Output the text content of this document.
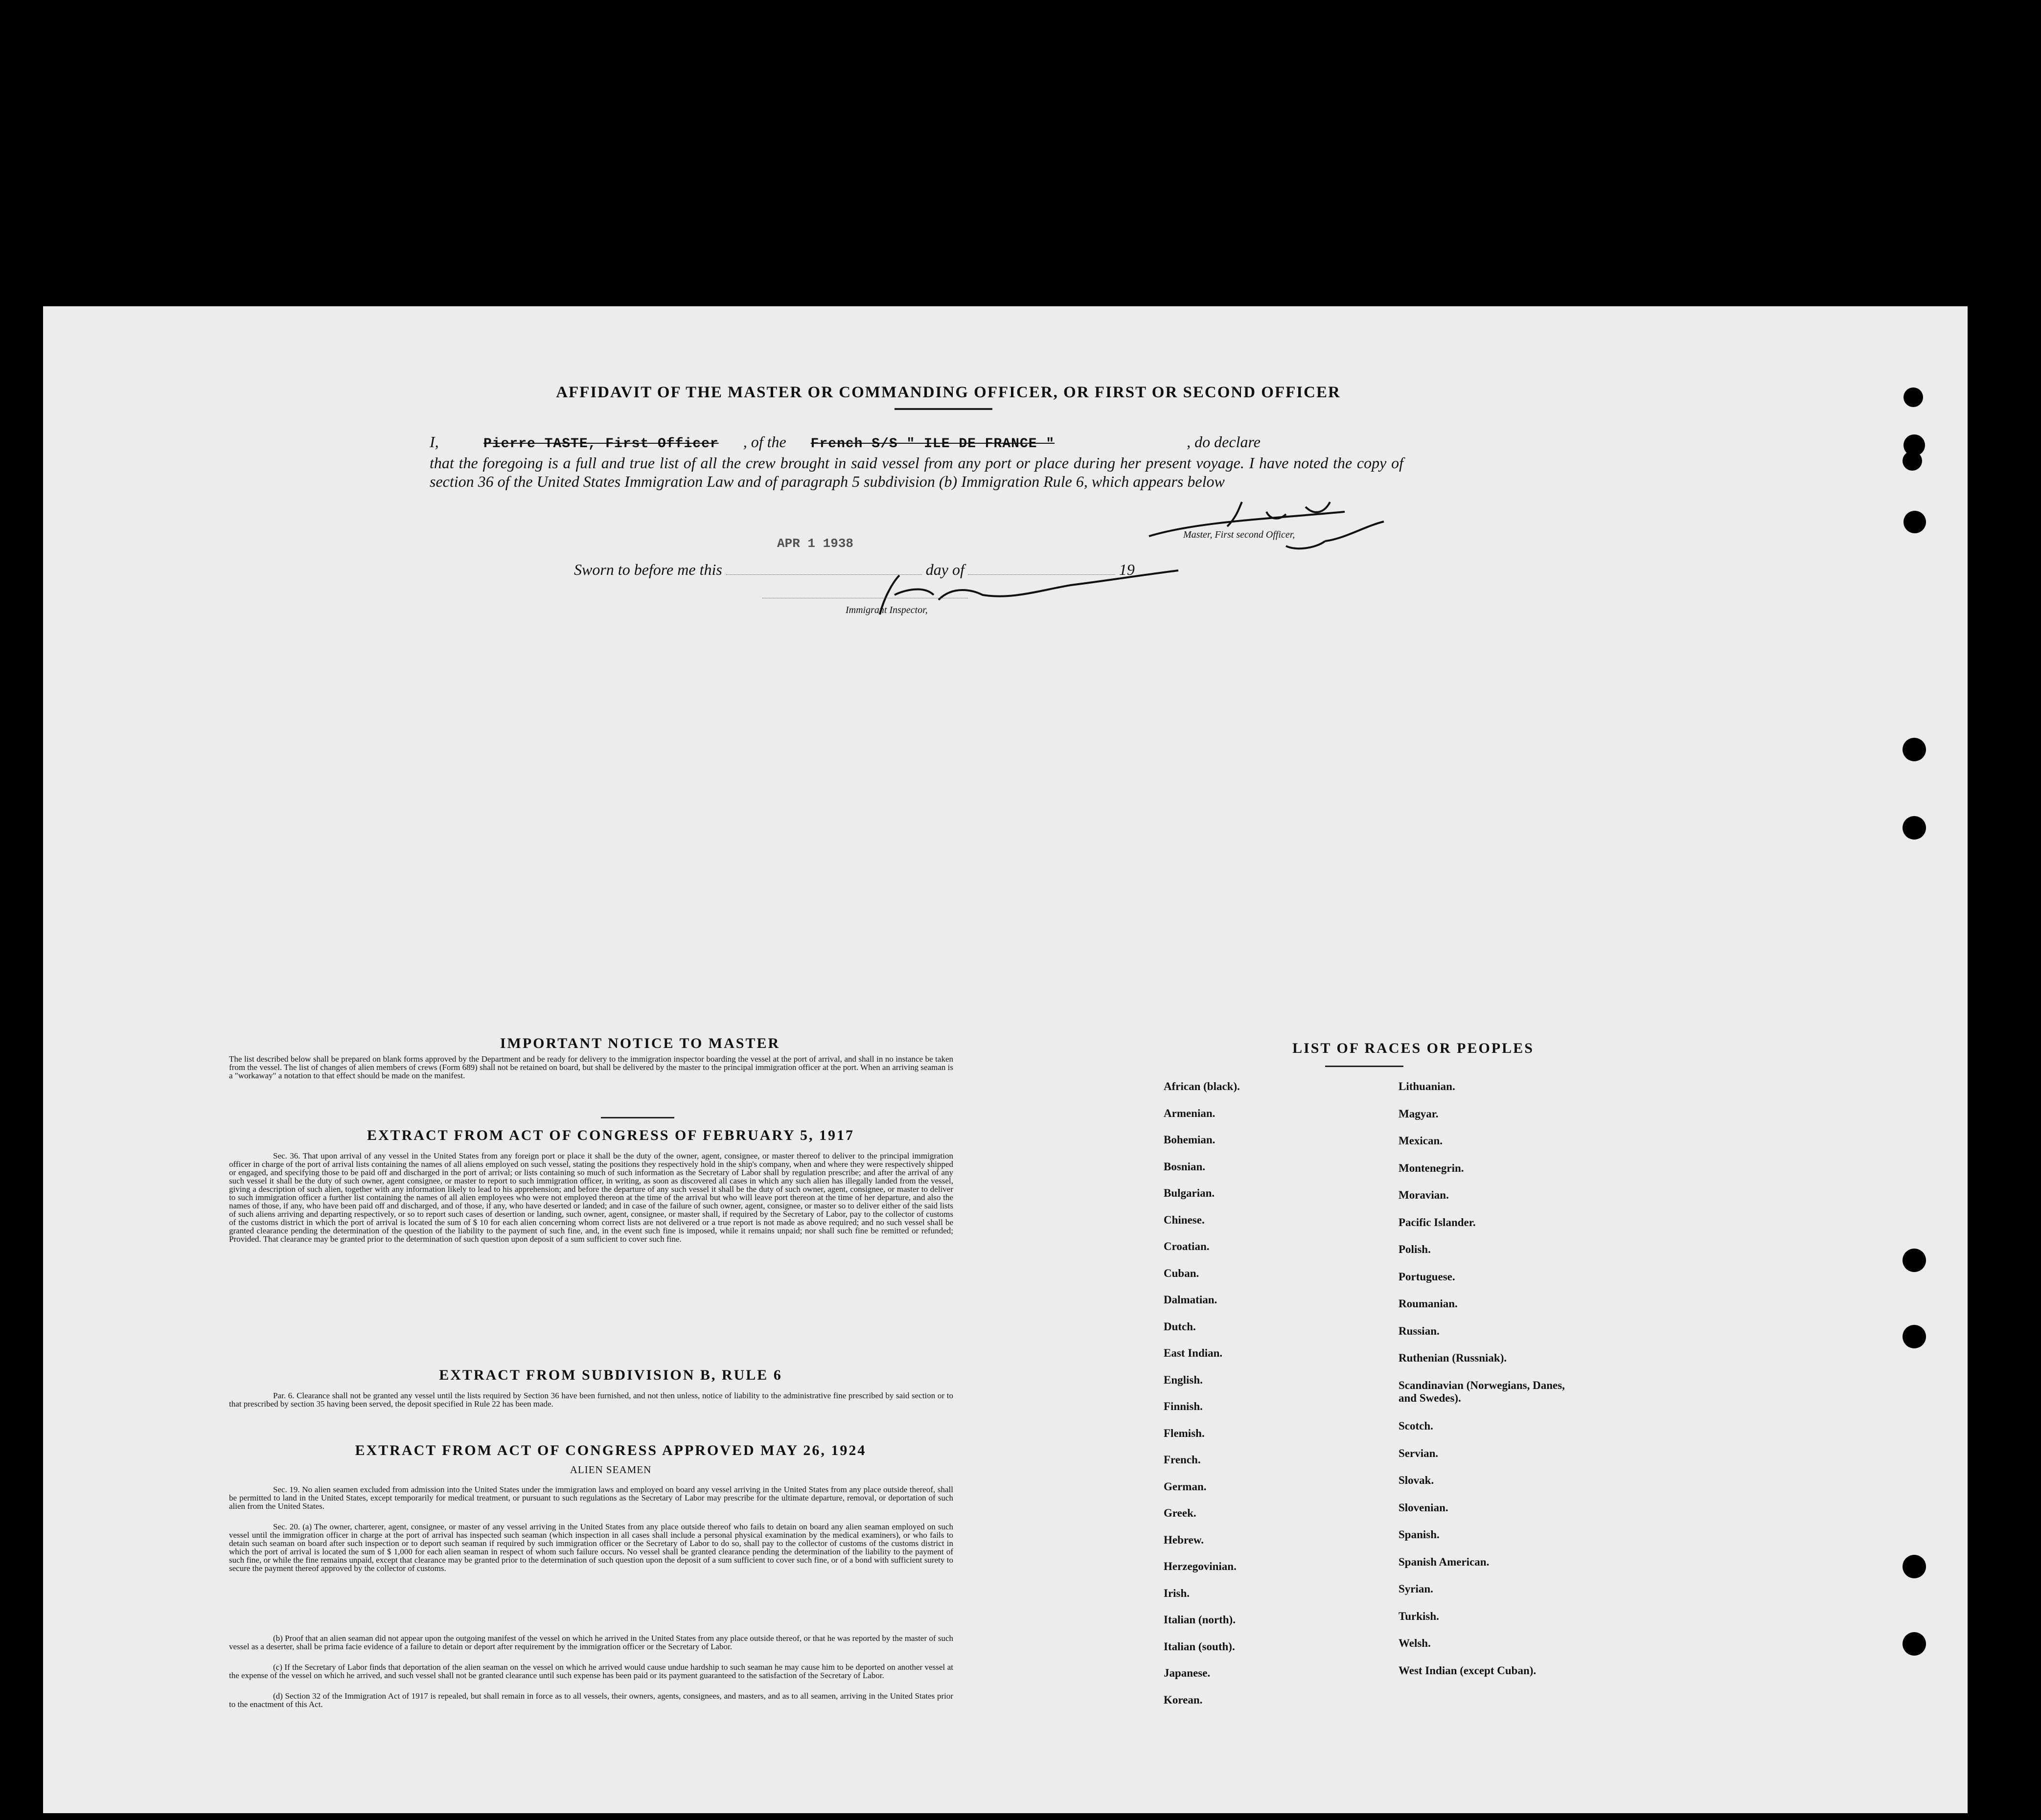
AFFIDAVIT OF THE MASTER OR COMMANDING OFFICER, OR FIRST OR SECOND OFFICER
I,	Pierre TASTE, First Officer , of the French S/S " ILE DE FRANCE "	, do declare
that the foregoing is a full and true list of all the crew brought in said vessel from any port or place during her present voyage. I have noted the copy of section 36 of the United States Immigration Law and of paragraph 5 subdivision (b) Immigration Rule 6, which appears below
Master, First second Officer,
APR 1 1938
Sworn to before me this	day of	19
Immigrant Inspector,
IMPORTANT NOTICE TO MASTER
The list described below shall be prepared on blank forms approved by the Department and be ready for delivery to the immigration inspector boarding the vessel at the port of arrival, and shall in no instance be taken from the vessel. The list of changes of alien members of crews (Form 689) shall not be retained on board, but shall be delivered by the master to the principal immigration officer at the port. When an arriving seaman is a "workaway" a notation to that effect should be made on the manifest.
EXTRACT FROM ACT OF CONGRESS OF FEBRUARY 5, 1917
Sec. 36. That upon arrival of any vessel in the United States from any foreign port or place it shall be the duty of the owner, agent, consignee, or master thereof to deliver to the principal immigration officer in charge of the port of arrival lists containing the names of all aliens employed on such vessel, stating the positions they respectively hold in the ship's company, when and where they were respectively shipped or engaged, and specifying those to be paid off and discharged in the port of arrival; or lists containing so much of such information as the Secretary of Labor shall by regulation prescribe; and after the arrival of any such vessel it shall be the duty of such owner, agent consignee, or master to report to such immigration officer, in writing, as soon as discovered all cases in which any such alien has illegally landed from the vessel, giving a description of such alien, together with any information likely to lead to his apprehension; and before the departure of any such vessel it shall be the duty of such owner, agent, consignee, or master to deliver to such immigration officer a further list containing the names of all alien employees who were not employed thereon at the time of the arrival but who will leave port thereon at the time of her departure, and also the names of those, if any, who have been paid off and discharged, and of those, if any, who have deserted or landed; and in case of the failure of such owner, agent, consignee, or master so to deliver either of the said lists of such aliens arriving and departing respectively, or so to report such cases of desertion or landing, such owner, agent, consignee, or master shall, if required by the Secretary of Labor, pay to the collector of customs of the customs district in which the port of arrival is located the sum of $ 10 for each alien concerning whom correct lists are not delivered or a true report is not made as above required; and no such vessel shall be granted clearance pending the determination of the question of the liability to the payment of such fine, and, in the event such fine is imposed, while it remains unpaid; nor shall such fine be remitted or refunded; Provided. That clearance may be granted prior to the determination of such question upon deposit of a sum sufficient to cover such fine.
EXTRACT FROM SUBDIVISION B, RULE 6
Par. 6. Clearance shall not be granted any vessel until the lists required by Section 36 have been furnished, and not then unless, notice of liability to the administrative fine prescribed by said section or to that prescribed by section 35 having been served, the deposit specified in Rule 22 has been made.
EXTRACT FROM ACT OF CONGRESS APPROVED MAY 26, 1924
ALIEN SEAMEN
Sec. 19. No alien seamen excluded from admission into the United States under the immigration laws and employed on board any vessel arriving in the United States from any place outside thereof, shall be permitted to land in the United States, except temporarily for medical treatment, or pursuant to such regulations as the Secretary of Labor may prescribe for the ultimate departure, removal, or deportation of such alien from the United States.
Sec. 20. (a) The owner, charterer, agent, consignee, or master of any vessel arriving in the United States from any place outside thereof who fails to detain on board any alien seaman employed on such vessel until the immigration officer in charge at the port of arrival has inspected such seaman (which inspection in all cases shall include a personal physical examination by the medical examiners), or who fails to detain such seaman on board after such inspection or to deport such seaman if required by such immigration officer or the Secretary of Labor to do so, shall pay to the collector of customs of the customs district in which the port of arrival is located the sum of $ 1,000 for each alien seaman in respect of whom such failure occurs. No vessel shall be granted clearance pending the determination of the liability to the payment of such fine, or while the fine remains unpaid, except that clearance may be granted prior to the determination of such question upon the deposit of a sum sufficient to cover such fine, or of a bond with sufficient surety to secure the payment thereof approved by the collector of customs.
(b) Proof that an alien seaman did not appear upon the outgoing manifest of the vessel on which he arrived in the United States from any place outside thereof, or that he was reported by the master of such vessel as a deserter, shall be prima facie evidence of a failure to detain or deport after requirement by the immigration officer or the Secretary of Labor.
(c) If the Secretary of Labor finds that deportation of the alien seaman on the vessel on which he arrived would cause undue hardship to such seaman he may cause him to be deported on another vessel at the expense of the vessel on which he arrived, and such vessel shall not be granted clearance until such expense has been paid or its payment guaranteed to the satisfaction of the Secretary of Labor.
(d) Section 32 of the Immigration Act of 1917 is repealed, but shall remain in force as to all vessels, their owners, agents, consignees, and masters, and as to all seamen, arriving in the United States prior to the enactment of this Act.
LIST OF RACES OR PEOPLES
African (black).
Armenian.
Bohemian.
Bosnian.
Bulgarian.
Chinese.
Croatian.
Cuban.
Dalmatian.
Dutch.
East Indian.
English.
Finnish.
Flemish.
French.
German.
Greek.
Hebrew.
Herzegovinian.
Irish.
Italian (north).
Italian (south).
Japanese.
Korean.
Lithuanian.
Magyar.
Mexican.
Montenegrin.
Moravian.
Pacific Islander.
Polish.
Portuguese.
Roumanian.
Russian.
Ruthenian (Russniak).
Scandinavian (Norwegians, Danes, and Swedes).
Scotch.
Servian.
Slovak.
Slovenian.
Spanish.
Spanish American.
Syrian.
Turkish.
Welsh.
West Indian (except Cuban).
